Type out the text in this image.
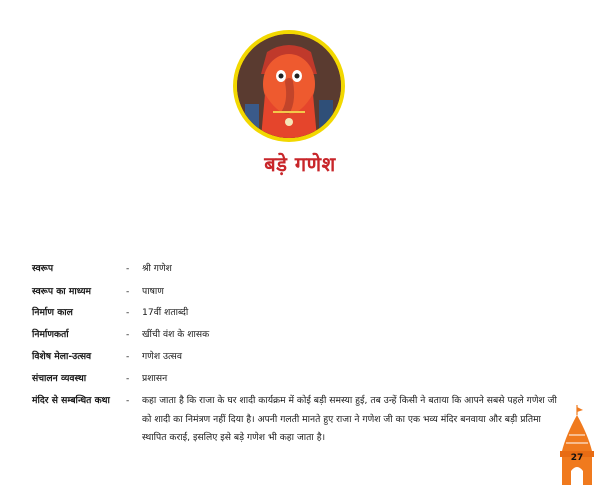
बड़े गणेश
स्वरूप	- श्री गणेश
स्वरूप का माध्यम	- पाषाण
निर्माण काल	- 17वीं शताब्दी
निर्माणकर्ता	- खींची वंश के शासक
विशेष मेला-उत्सव	- गणेश उत्सव
संचालन व्यवस्था	- प्रशासन
मंदिर से सम्बन्धित कथा - कहा जाता है कि राजा के घर शादी कार्यक्रम में कोई बड़ी समस्या हुई, तब उन्हें किसी ने बताया कि आपने सबसे पहले गणेश जी को शादी का निमंत्रण नहीं दिया है। अपनी गलती मानते हुए राजा ने गणेश जी का एक भव्य मंदिर बनवाया और बड़ी प्रतिमा स्थापित कराई, इसलिए इसे बड़े गणेश भी कहा जाता है।
27
